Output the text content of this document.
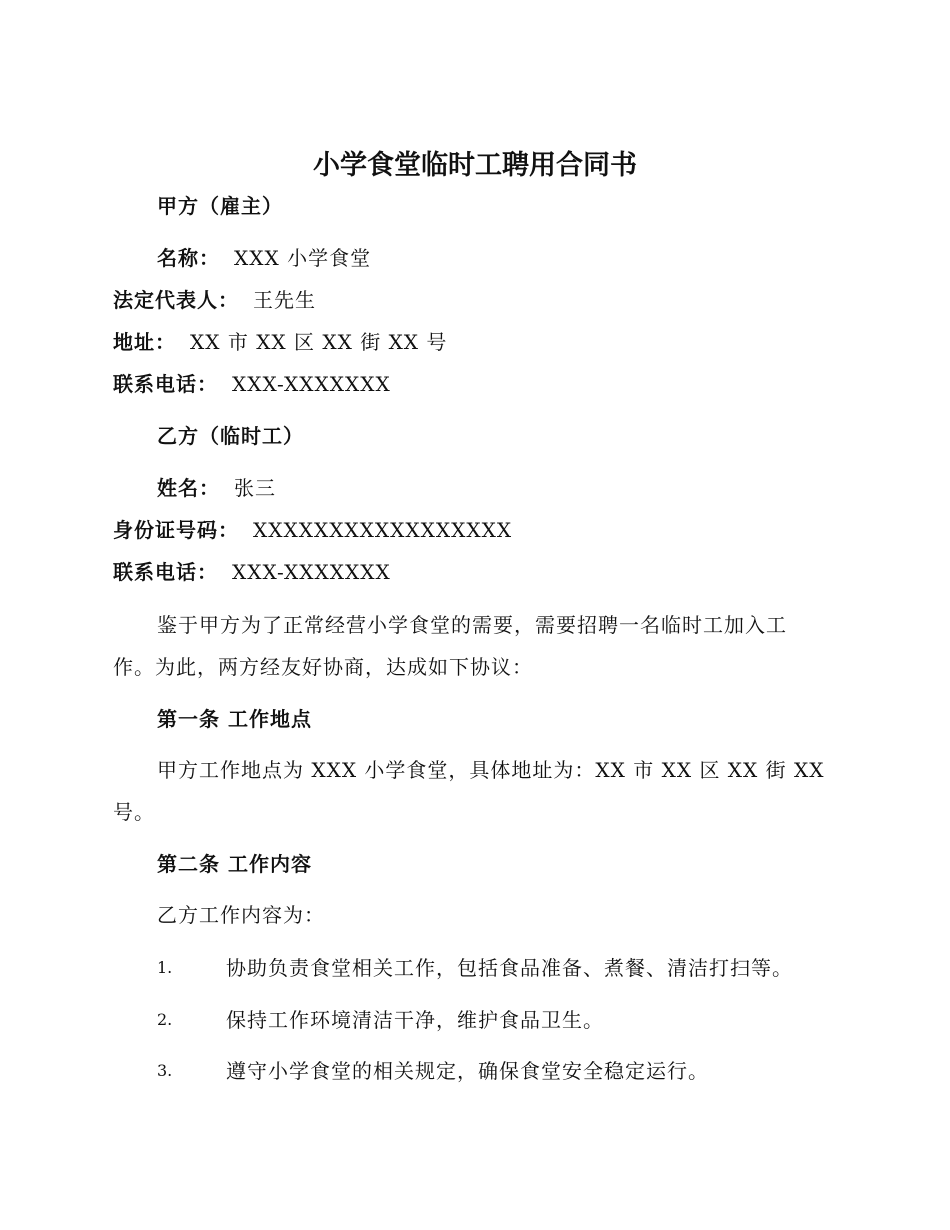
小学食堂临时工聘用合同书
甲方（雇主）
名称： XXX 小学食堂
法定代表人： 王先生
地址： XX 市 XX 区 XX 街 XX 号
联系电话： XXX-XXXXXXX
乙方（临时工）
姓名： 张三
身份证号码： XXXXXXXXXXXXXXXXX
联系电话： XXX-XXXXXXX
鉴于甲方为了正常经营小学食堂的需要，需要招聘一名临时工加入工
作。为此，两方经友好协商，达成如下协议：
第一条 工作地点
甲方工作地点为 XXX 小学食堂，具体地址为：XX 市 XX 区 XX 街 XX
号。
第二条 工作内容
乙方工作内容为：
1.	协助负责食堂相关工作，包括食品准备、煮餐、清洁打扫等。
2.	保持工作环境清洁干净，维护食品卫生。
3.	遵守小学食堂的相关规定，确保食堂安全稳定运行。
